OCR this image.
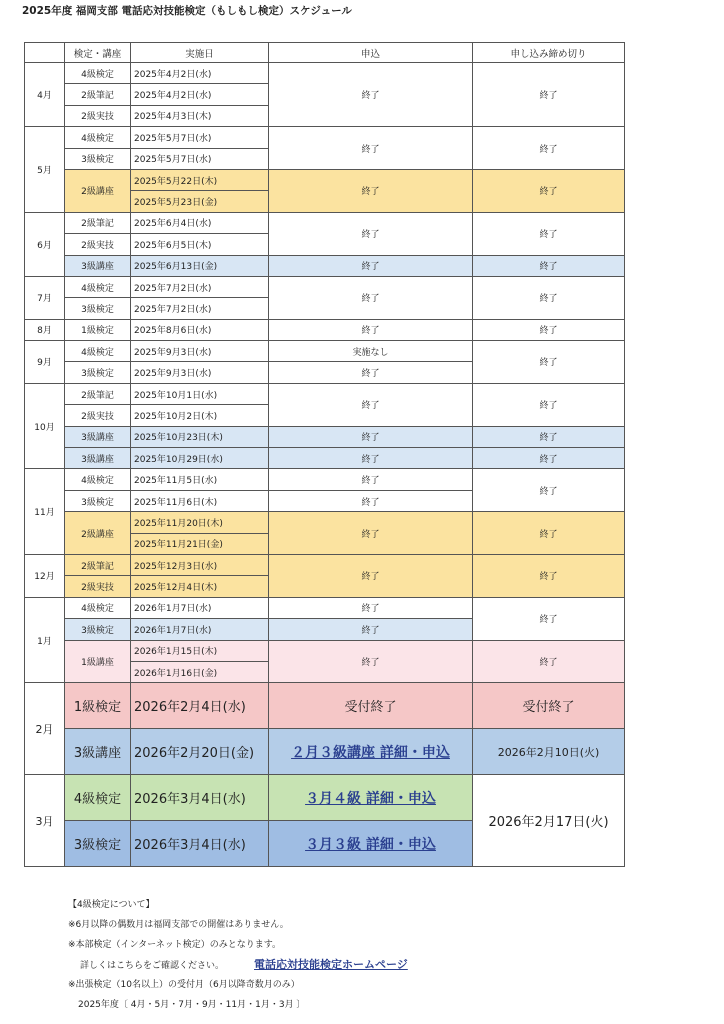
2025年度 福岡支部 電話応対技能検定（もしもし検定）スケジュール
	検定・講座	実施日	申込	申し込み締め切り
4月	4級検定	2025年4月2日(水)	終了	終了
	2級筆記	2025年4月2日(水)		
	2級実技	2025年4月3日(木)		
5月	4級検定	2025年5月7日(水)	終了	終了
	3級検定	2025年5月7日(水)		
	2級講座	2025年5月22日(木)	終了	終了
		2025年5月23日(金)		
6月	2級筆記	2025年6月4日(水)	終了	終了
	2級実技	2025年6月5日(木)		
	3級講座	2025年6月13日(金)	終了	終了
7月	4級検定	2025年7月2日(水)	終了	終了
	3級検定	2025年7月2日(水)		
8月	1級検定	2025年8月6日(水)	終了	終了
9月	4級検定	2025年9月3日(水)	実施なし	終了
	3級検定	2025年9月3日(水)	終了	
10月	2級筆記	2025年10月1日(水)	終了	終了
	2級実技	2025年10月2日(木)		
	3級講座	2025年10月23日(木)	終了	終了
	3級講座	2025年10月29日(水)	終了	終了
11月	4級検定	2025年11月5日(水)	終了	終了
	3級検定	2025年11月6日(木)	終了	
	2級講座	2025年11月20日(木)	終了	終了
		2025年11月21日(金)		
12月	2級筆記	2025年12月3日(水)	終了	終了
	2級実技	2025年12月4日(木)		
1月	4級検定	2026年1月7日(水)	終了	終了
	3級検定	2026年1月7日(水)	終了	
	1級講座	2026年1月15日(木)	終了	終了
		2026年1月16日(金)		
2月	1級検定	2026年2月4日(水)	受付終了	受付終了
	3級講座	2026年2月20日(金)	２月３級講座 詳細・申込	2026年2月10日(火)
3月	4級検定	2026年3月4日(水)	３月４級 詳細・申込	2026年2月17日(火)
	3級検定	2026年3月4日(水)	３月３級 詳細・申込	
【4級検定について】
※6月以降の偶数月は福岡支部での開催はありません。
※本部検定（インターネット検定）のみとなります。
詳しくはこちらをご確認ください。	電話応対技能検定ホームページ
※出張検定（10名以上）の受付月（6月以降奇数月のみ）
2025年度〔 4月・5月・7月・9月・11月・1月・3月 〕
